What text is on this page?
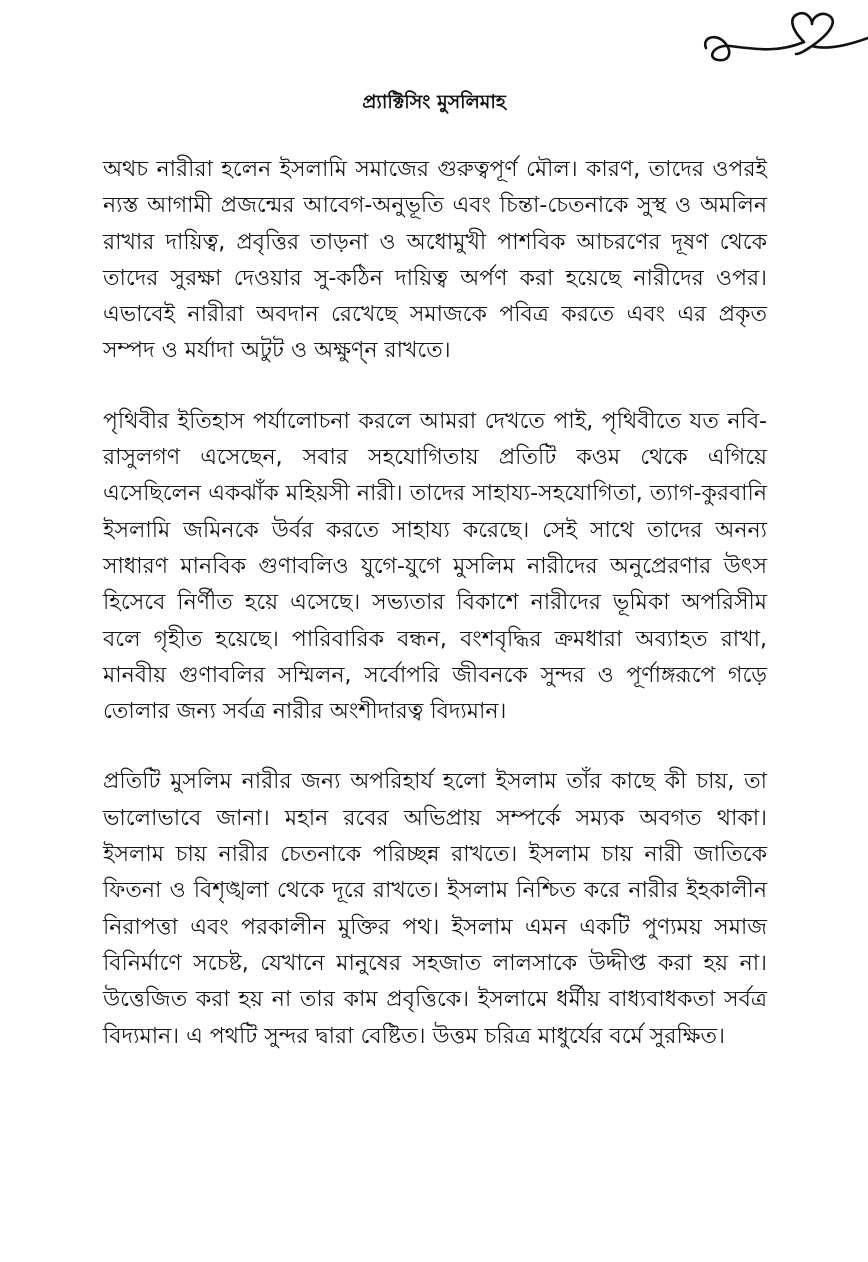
প্র্যাক্টিসিং মুসলিমাহ

অথচ নারীরা হলেন ইসলামি সমাজের গুরুত্বপূর্ণ মৌল। কারণ, তাদের ওপরই ন্যস্ত আগামী প্রজন্মের আবেগ-অনুভূতি এবং চিন্তা-চেতনাকে সুস্থ ও অমলিন রাখার দায়িত্ব, প্রবৃত্তির তাড়না ও অধোমুখী পাশবিক আচরণের দূষণ থেকে তাদের সুরক্ষা দেওয়ার সু-কঠিন দায়িত্ব অর্পণ করা হয়েছে নারীদের ওপর। এভাবেই নারীরা অবদান রেখেছে সমাজকে পবিত্র করতে এবং এর প্রকৃত সম্পদ ও মর্যাদা অটুট ও অক্ষুণ্ন রাখতে।

পৃথিবীর ইতিহাস পর্যালোচনা করলে আমরা দেখতে পাই, পৃথিবীতে যত নবি-রাসুলগণ এসেছেন, সবার সহযোগিতায় প্রতিটি কওম থেকে এগিয়ে এসেছিলেন একঝাঁক মহিয়সী নারী। তাদের সাহায্য-সহযোগিতা, ত্যাগ-কুরবানি ইসলামি জমিনকে উর্বর করতে সাহায্য করেছে। সেই সাথে তাদের অনন্য সাধারণ মানবিক গুণাবলিও যুগে-যুগে মুসলিম নারীদের অনুপ্রেরণার উৎস হিসেবে নির্ণীত হয়ে এসেছে। সভ্যতার বিকাশে নারীদের ভূমিকা অপরিসীম বলে গৃহীত হয়েছে। পারিবারিক বন্ধন, বংশবৃদ্ধির ক্রমধারা অব্যাহত রাখা, মানবীয় গুণাবলির সম্মিলন, সর্বোপরি জীবনকে সুন্দর ও পূর্ণাঙ্গরূপে গড়ে তোলার জন্য সর্বত্র নারীর অংশীদারত্ব বিদ্যমান।

প্রতিটি মুসলিম নারীর জন্য অপরিহার্য হলো ইসলাম তাঁর কাছে কী চায়, তা ভালোভাবে জানা। মহান রবের অভিপ্রায় সম্পর্কে সম্যক অবগত থাকা। ইসলাম চায় নারীর চেতনাকে পরিচ্ছন্ন রাখতে। ইসলাম চায় নারী জাতিকে ফিতনা ও বিশৃঙ্খলা থেকে দূরে রাখতে। ইসলাম নিশ্চিত করে নারীর ইহকালীন নিরাপত্তা এবং পরকালীন মুক্তির পথ। ইসলাম এমন একটি পুণ্যময় সমাজ বিনির্মাণে সচেষ্ট, যেখানে মানুষের সহজাত লালসাকে উদ্দীপ্ত করা হয় না। উত্তেজিত করা হয় না তার কাম প্রবৃত্তিকে। ইসলামে ধর্মীয় বাধ্যবাধকতা সর্বত্র বিদ্যমান। এ পথটি সুন্দর দ্বারা বেষ্টিত। উত্তম চরিত্র মাধুর্যের বর্মে সুরক্ষিত।
